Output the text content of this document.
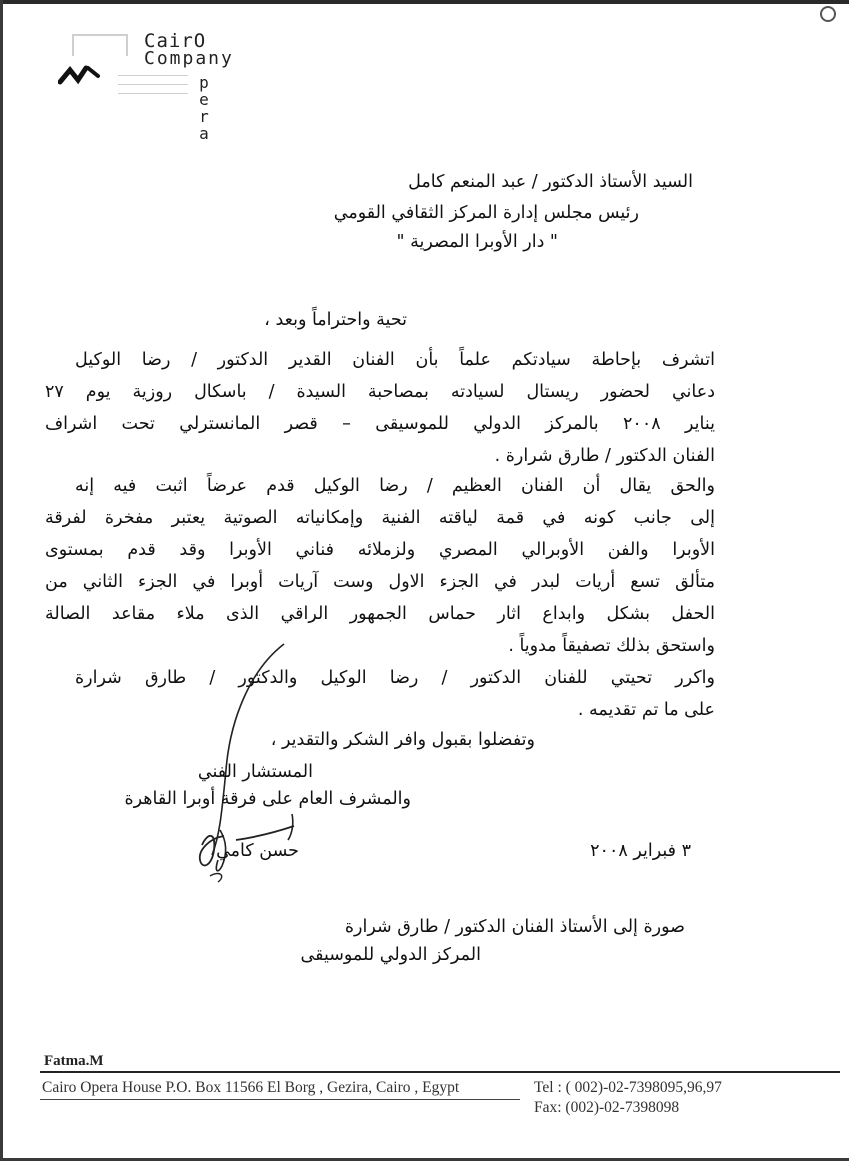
CairO
Company
p
e
r
a
السيد الأستاذ الدكتور / عبد المنعم كامل
رئيس مجلس إدارة المركز الثقافي القومي
" دار الأوبرا المصرية "
تحية واحتراماً وبعد ،
اتشرف بإحاطة سيادتكم علماً بأن الفنان القدير الدكتور / رضا الوكيل
دعاني لحضور ريستال لسيادته بمصاحبة السيدة / باسكال روزية يوم ٢٧
يناير ٢٠٠٨ بالمركز الدولي للموسيقى – قصر المانسترلي تحت اشراف
الفنان الدكتور / طارق شرارة .
والحق يقال أن الفنان العظيم / رضا الوكيل قدم عرضاً اثبت فيه إنه
إلى جانب كونه في قمة لياقته الفنية وإمكانياته الصوتية يعتبر مفخرة لفرقة
الأوبرا والفن الأوبرالي المصري ولزملائه فناني الأوبرا وقد قدم بمستوى
متألق تسع أريات لبدر في الجزء الاول وست آريات أوبرا في الجزء الثاني من
الحفل بشكل وابداع اثار حماس الجمهور الراقي الذى ملاء مقاعد الصالة
واستحق بذلك تصفيقاً مدوياً .
واكرر تحيتي للفنان الدكتور / رضا الوكيل والدكتور / طارق شرارة
على ما تم تقديمه .
وتفضلوا بقبول وافر الشكر والتقدير ،
المستشار الفني
والمشرف العام على فرقة أوبرا القاهرة
حسن كامي	٣ فبراير ٢٠٠٨
صورة إلى الأستاذ الفنان الدكتور / طارق شرارة
المركز الدولي للموسيقى
Fatma.M
Cairo Opera House P.O. Box 11566 El Borg , Gezira, Cairo , Egypt	Tel : ( 002)-02-7398095,96,97
Fax: (002)-02-7398098
